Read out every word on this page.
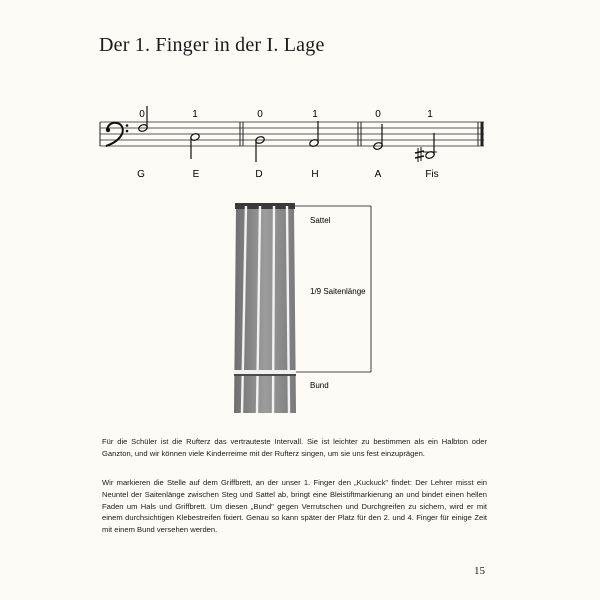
Der 1. Finger in der I. Lage
0	1	0	1	0	1
G	E	D	H	A	Fis
Sattel
1/9 Saitenlänge
Bund

Für die Schüler ist die Rufterz das vertrauteste Intervall. Sie ist leichter zu bestimmen als ein Halbton oder Ganzton, und wir können viele Kinderreime mit der Rufterz singen, um sie uns fest einzuprägen.

Wir markieren die Stelle auf dem Griffbrett, an der unser 1. Finger den „Kuckuck" findet: Der Lehrer misst ein Neuntel der Saitenlänge zwischen Steg und Sattel ab, bringt eine Bleistiftmarkierung an und bindet einen hellen Faden um Hals und Griffbrett. Um diesen „Bund" gegen Verrutschen und Durchgreifen zu sichern, wird er mit einem durchsichtigen Klebestreifen fixiert. Genau so kann später der Platz für den 2. und 4. Finger für einige Zeit mit einem Bund versehen werden.

15
